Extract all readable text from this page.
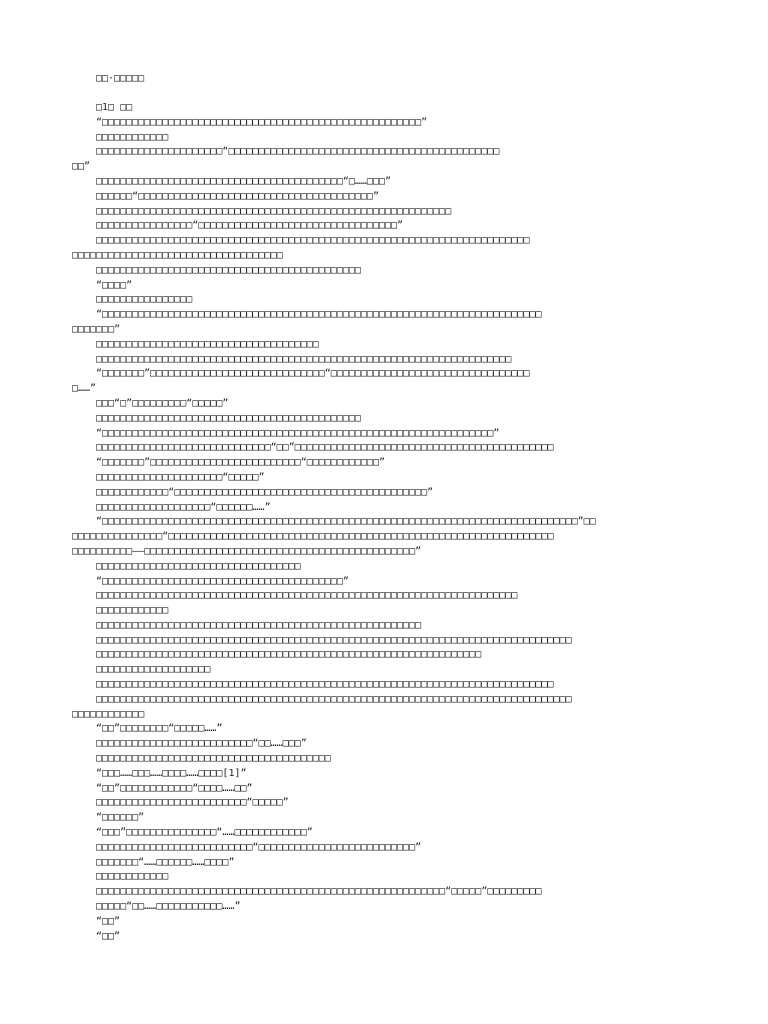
□□·□□□□□
□1□ □□
“□□□□□□□□□□□□□□□□□□□□□□□□□□□□□□□□□□□□□□□□□□□□□□□□□□□□□”
□□□□□□□□□□□□
□□□□□□□□□□□□□□□□□□□□□“□□□□□□□□□□□□□□□□□□□□□□□□□□□□□□□□□□□□□□□□□□□□□
□□”
□□□□□□□□□□□□□□□□□□□□□□□□□□□□□□□□□□□□□□□□□“□……□□□”
□□□□□□“□□□□□□□□□□□□□□□□□□□□□□□□□□□□□□□□□□□□□□□”
□□□□□□□□□□□□□□□□□□□□□□□□□□□□□□□□□□□□□□□□□□□□□□□□□□□□□□□□□□□
□□□□□□□□□□□□□□□□“□□□□□□□□□□□□□□□□□□□□□□□□□□□□□□□□□”
□□□□□□□□□□□□□□□□□□□□□□□□□□□□□□□□□□□□□□□□□□□□□□□□□□□□□□□□□□□□□□□□□□□□□□□□
□□□□□□□□□□□□□□□□□□□□□□□□□□□□□□□□□□□
□□□□□□□□□□□□□□□□□□□□□□□□□□□□□□□□□□□□□□□□□□□□
“□□□□”
□□□□□□□□□□□□□□□□
“□□□□□□□□□□□□□□□□□□□□□□□□□□□□□□□□□□□□□□□□□□□□□□□□□□□□□□□□□□□□□□□□□□□□□□□□□
□□□□□□□”
□□□□□□□□□□□□□□□□□□□□□□□□□□□□□□□□□□□□□
□□□□□□□□□□□□□□□□□□□□□□□□□□□□□□□□□□□□□□□□□□□□□□□□□□□□□□□□□□□□□□□□□□□□□
“□□□□□□□”□□□□□□□□□□□□□□□□□□□□□□□□□□□□□“□□□□□□□□□□□□□□□□□□□□□□□□□□□□□□□□□
□……”
□□□“□”□□□□□□□□□“□□□□□”
□□□□□□□□□□□□□□□□□□□□□□□□□□□□□□□□□□□□□□□□□□□□
“□□□□□□□□□□□□□□□□□□□□□□□□□□□□□□□□□□□□□□□□□□□□□□□□□□□□□□□□□□□□□□□□□”
□□□□□□□□□□□□□□□□□□□□□□□□□□□□□“□□”□□□□□□□□□□□□□□□□□□□□□□□□□□□□□□□□□□□□□□□□□□□
“□□□□□□□”□□□□□□□□□□□□□□□□□□□□□□□□□“□□□□□□□□□□□□”
□□□□□□□□□□□□□□□□□□□□□“□□□□□”
□□□□□□□□□□□□“□□□□□□□□□□□□□□□□□□□□□□□□□□□□□□□□□□□□□□□□□□”
□□□□□□□□□□□□□□□□□□□“□□□□□□……”
“□□□□□□□□□□□□□□□□□□□□□□□□□□□□□□□□□□□□□□□□□□□□□□□□□□□□□□□□□□□□□□□□□□□□□□□□□□□□□□□”□□
□□□□□□□□□□□□□□□“□□□□□□□□□□□□□□□□□□□□□□□□□□□□□□□□□□□□□□□□□□□□□□□□□□□□□□□□□□□□□□□□
□□□□□□□□□□——□□□□□□□□□□□□□□□□□□□□□□□□□□□□□□□□□□□□□□□□□□□□□”
□□□□□□□□□□□□□□□□□□□□□□□□□□□□□□□□□□
“□□□□□□□□□□□□□□□□□□□□□□□□□□□□□□□□□□□□□□□□”
□□□□□□□□□□□□□□□□□□□□□□□□□□□□□□□□□□□□□□□□□□□□□□□□□□□□□□□□□□□□□□□□□□□□□□
□□□□□□□□□□□□
□□□□□□□□□□□□□□□□□□□□□□□□□□□□□□□□□□□□□□□□□□□□□□□□□□□□□□
□□□□□□□□□□□□□□□□□□□□□□□□□□□□□□□□□□□□□□□□□□□□□□□□□□□□□□□□□□□□□□□□□□□□□□□□□□□□□□□
□□□□□□□□□□□□□□□□□□□□□□□□□□□□□□□□□□□□□□□□□□□□□□□□□□□□□□□□□□□□□□□□
□□□□□□□□□□□□□□□□□□□
□□□□□□□□□□□□□□□□□□□□□□□□□□□□□□□□□□□□□□□□□□□□□□□□□□□□□□□□□□□□□□□□□□□□□□□□□□□□
□□□□□□□□□□□□□□□□□□□□□□□□□□□□□□□□□□□□□□□□□□□□□□□□□□□□□□□□□□□□□□□□□□□□□□□□□□□□□□□
□□□□□□□□□□□□
“□□”□□□□□□□□“□□□□□……”
□□□□□□□□□□□□□□□□□□□□□□□□□□“□□……□□□”
□□□□□□□□□□□□□□□□□□□□□□□□□□□□□□□□□□□□□□□
“□□□……□□□……□□□□……□□□□[1]”
“□□”□□□□□□□□□□□□“□□□□……□□”
□□□□□□□□□□□□□□□□□□□□□□□□□“□□□□□”
“□□□□□□”
“□□□”□□□□□□□□□□□□□□□“……□□□□□□□□□□□□”
□□□□□□□□□□□□□□□□□□□□□□□□□□“□□□□□□□□□□□□□□□□□□□□□□□□□□”
□□□□□□□“……□□□□□□……□□□□”
□□□□□□□□□□□□
□□□□□□□□□□□□□□□□□□□□□□□□□□□□□□□□□□□□□□□□□□□□□□□□□□□□□□□□□□“□□□□□”□□□□□□□□□
□□□□□“□□……□□□□□□□□□□□……”
“□□”
“□□”
